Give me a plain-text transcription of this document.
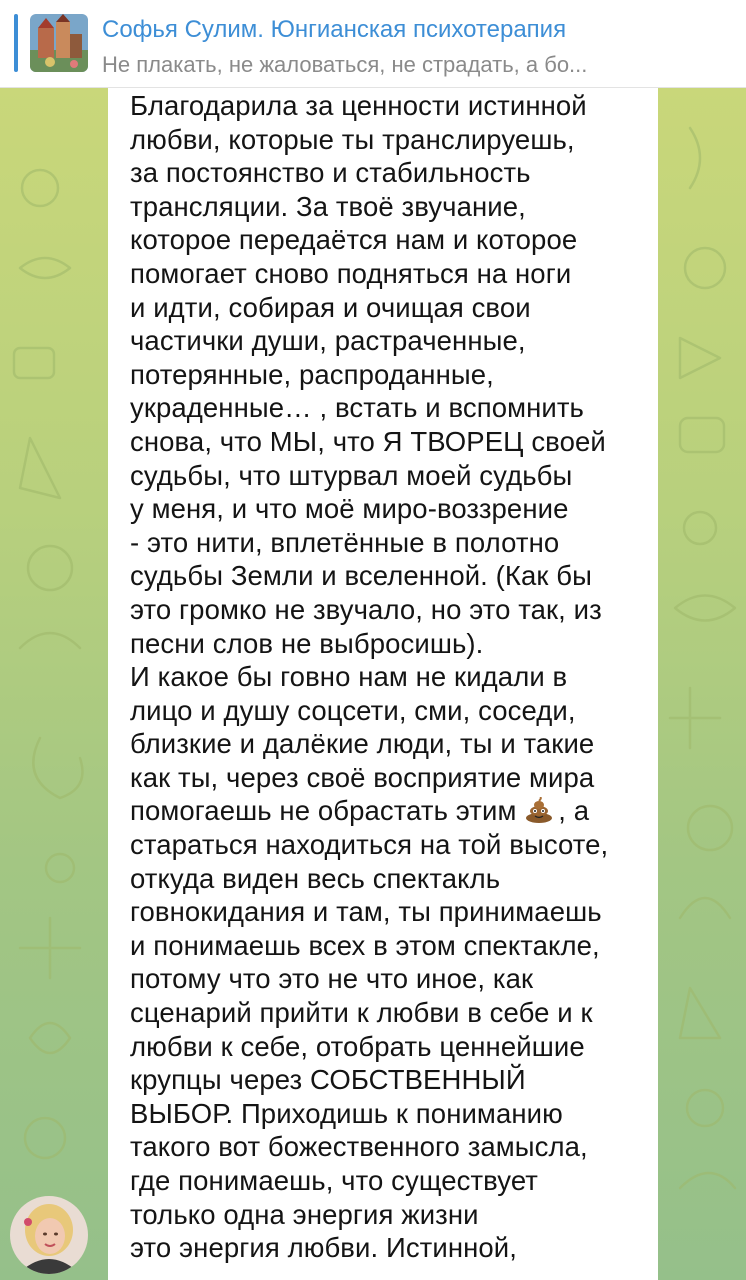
Софья Сулим. Юнгианская психотерапия
Не плакать, не жаловаться, не страдать, а бо...
Благодарила за ценности истинной
любви, которые ты транслируешь,
за постоянство и стабильность
трансляции. За твоё звучание,
которое передаётся нам и которое
помогает сново подняться на ноги
и идти, собирая и очищая свои
частички души, растраченные,
потерянные, распроданные,
украденные… , встать и вспомнить
снова, что МЫ, что Я ТВОРЕЦ своей
судьбы, что штурвал моей судьбы
у меня, и что моё миро-воззрение
- это нити, вплетённые в полотно
судьбы Земли и вселенной. (Как бы
это громко не звучало, но это так, из
песни слов не выбросишь).
И какое бы говно нам не кидали в
лицо и душу соцсети, сми, соседи,
близкие и далёкие люди, ты и такие
как ты, через своё восприятие мира
помогаешь не обрастать этим , а
стараться находиться на той высоте,
откуда виден весь спектакль
говнокидания и там, ты принимаешь
и понимаешь всех в этом спектакле,
потому что это не что иное, как
сценарий прийти к любви в себе и к
любви к себе, отобрать ценнейшие
крупцы через СОБСТВЕННЫЙ
ВЫБОР. Приходишь к пониманию
такого вот божественного замысла,
где понимаешь, что существует
только одна энергия жизни
это энергия любви. Истинной,
